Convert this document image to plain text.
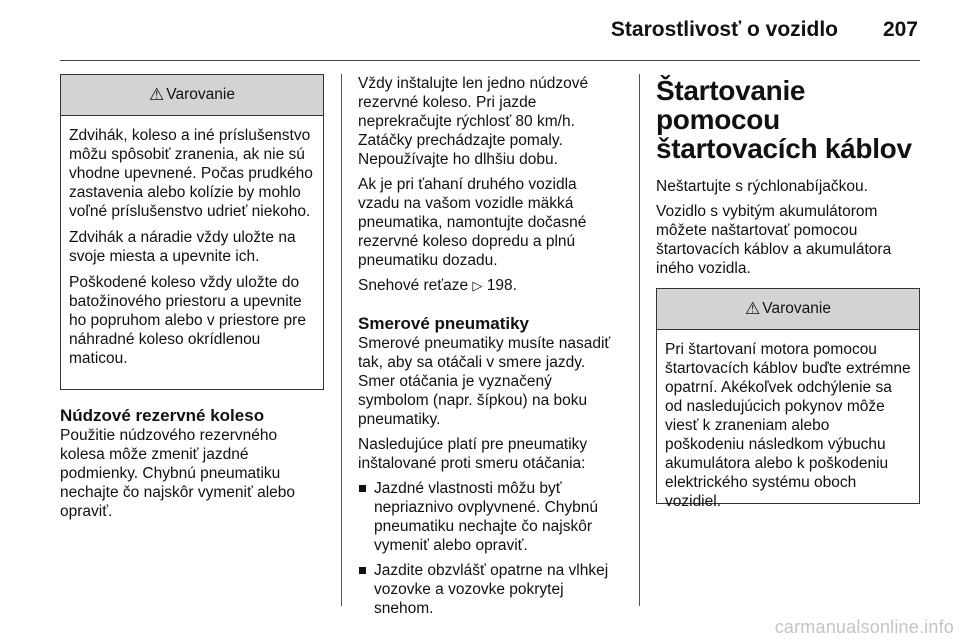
Starostlivosť o vozidlo 207
⚠ Varovanie

Zdvihák, koleso a iné príslušenstvo môžu spôsobiť zranenia, ak nie sú vhodne upevnené. Počas prudkého zastavenia alebo kolízie by mohlo voľné príslušenstvo udrieť niekoho.

Zdvihák a náradie vždy uložte na svoje miesta a upevnite ich.

Poškodené koleso vždy uložte do batožinového priestoru a upevnite ho popruhom alebo v priestore pre náhradné koleso okrídlenou maticou.

Núdzové rezervné koleso

Použitie núdzového rezervného kolesa môže zmeniť jazdné podmienky. Chybnú pneumatiku nechajte čo najskôr vymeniť alebo opraviť.

Vždy inštalujte len jedno núdzové rezervné koleso. Pri jazde neprekračujte rýchlosť 80 km/h. Zatáčky prechádzajte pomaly. Nepoužívajte ho dlhšiu dobu.

Ak je pri ťahaní druhého vozidla vzadu na vašom vozidle mäkká pneumatika, namontujte dočasné rezervné koleso dopredu a plnú pneumatiku dozadu.

Snehové reťaze ▷ 198.

Smerové pneumatiky

Smerové pneumatiky musíte nasadiť tak, aby sa otáčali v smere jazdy. Smer otáčania je vyznačený symbolom (napr. šípkou) na boku pneumatiky.

Nasledujúce platí pre pneumatiky inštalované proti smeru otáčania:

Jazdné vlastnosti môžu byť nepriaznivo ovplyvnené. Chybnú pneumatiku nechajte čo najskôr vymeniť alebo opraviť.
Jazdite obzvlášť opatrne na vlhkej vozovke a vozovke pokrytej snehom.
Štartovanie pomocou štartovacích káblov

Neštartujte s rýchlonabíjačkou.

Vozidlo s vybitým akumulátorom môžete naštartovať pomocou štartovacích káblov a akumulátora iného vozidla.

⚠ Varovanie

Pri štartovaní motora pomocou štartovacích káblov buďte extrémne opatrní. Akékoľvek odchýlenie sa od nasledujúcich pokynov môže viesť k zraneniam alebo poškodeniu následkom výbuchu akumulátora alebo k poškodeniu elektrického systému oboch vozidiel.

carmanualsonline.info
